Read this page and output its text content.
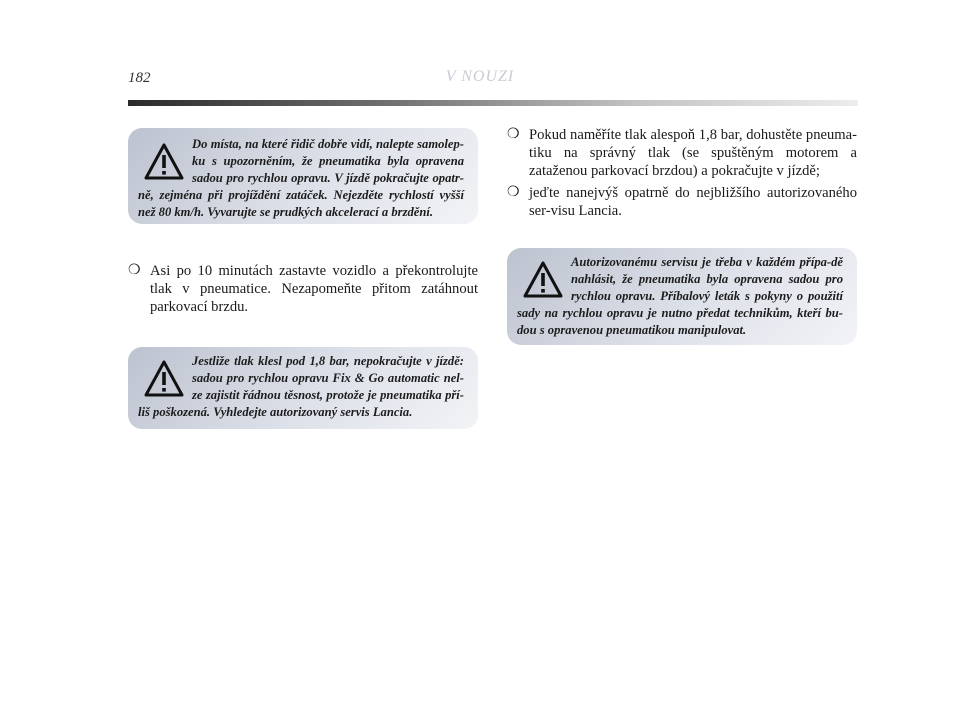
182	V NOUZI

Do místa, na které řidič dobře vidí, nalepte samolep-ku s upozorněním, že pneumatika byla opravena sadou pro rychlou opravu. V jízdě pokračujte opatr-ně, zejména při projíždění zatáček. Nejezděte rychlostí vyšší než 80 km/h. Vyvarujte se prudkých akcelerací a brzdění.

❍ Asi po 10 minutách zastavte vozidlo a překontrolujte tlak v pneumatice. Nezapomeňte přitom zatáhnout parkovací brzdu.

Jestliže tlak klesl pod 1,8 bar, nepokračujte v jízdě: sadou pro rychlou opravu Fix & Go automatic nel-ze zajistit řádnou těsnost, protože je pneumatika pří-liš poškozená. Vyhledejte autorizovaný servis Lancia.

❍ Pokud naměříte tlak alespoň 1,8 bar, dohustěte pneuma-tiku na správný tlak (se spuštěným motorem a zataženou parkovací brzdou) a pokračujte v jízdě;
❍ jeďte nanejvýš opatrně do nejbližšího autorizovaného ser-visu Lancia.

Autorizovanému servisu je třeba v každém přípa-dě nahlásit, že pneumatika byla opravena sadou pro rychlou opravu. Příbalový leták s pokyny o použití sady na rychlou opravu je nutno předat technikům, kteří bu-dou s opravenou pneumatikou manipulovat.
